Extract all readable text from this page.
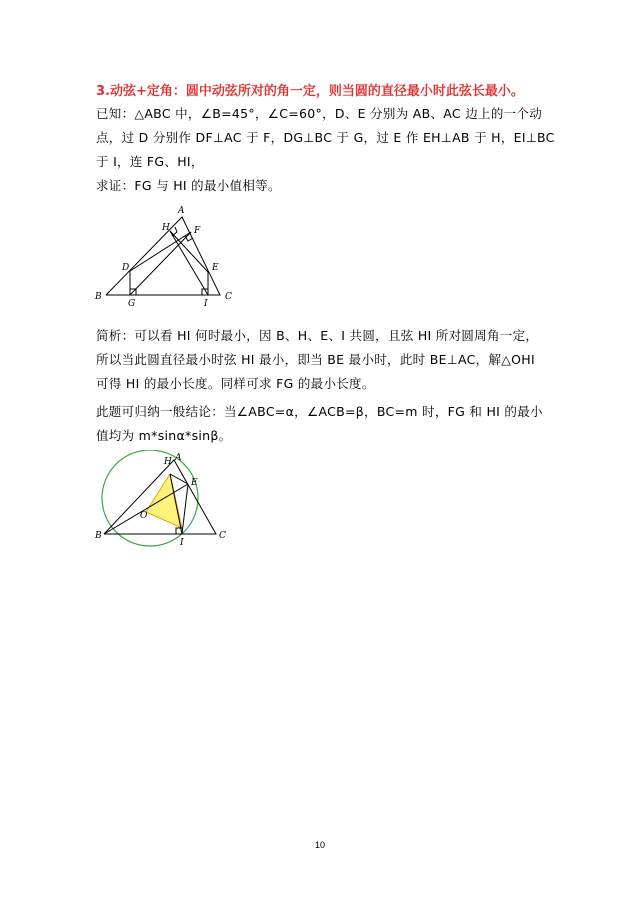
3.动弦+定角：圆中动弦所对的角一定，则当圆的直径最小时此弦长最小。
已知：△ABC 中，∠B=45°，∠C=60°，D、E 分别为 AB、AC 边上的一个动
点，过 D 分别作 DF⊥AC 于 F，DG⊥BC 于 G，过 E 作 EH⊥AB 于 H，EI⊥BC
于 I，连 FG、HI，
求证：FG 与 HI 的最小值相等。
A
H	F
D	E
B
G	I
C
简析：可以看 HI 何时最小，因 B、H、E、I 共圆，且弦 HI 所对圆周角一定，
所以当此圆直径最小时弦 HI 最小，即当 BE 最小时，此时 BE⊥AC，解△OHI
可得 HI 的最小长度。同样可求 FG 的最小长度。
此题可归纳一般结论：当∠ABC=α，∠ACB=β，BC=m 时，FG 和 HI 的最小
值均为 m*sinα*sinβ。
H A
E
O
B
I
C
10
